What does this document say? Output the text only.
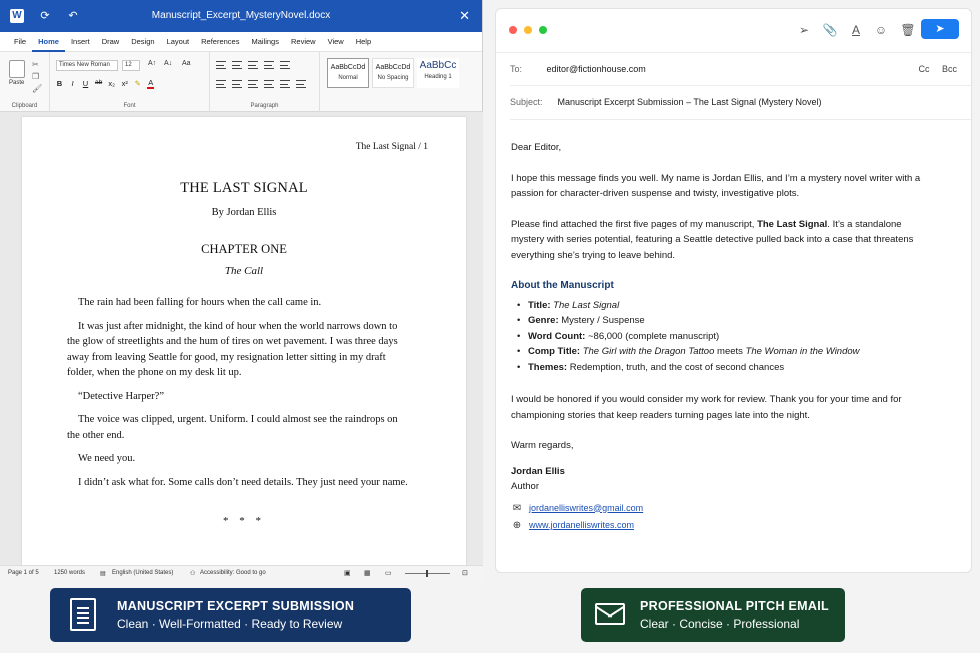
W ⟳ ↶	Manuscript_Excerpt_MysteryNovel.docx	✕
File	Home	Insert	Draw	Design	Layout	References	Mailings	Review	View	Help
Paste
✂
❐
🖌
Clipboard
Times New Roman	12	A↑ A↓ Aa
B	I	U ab x₂ x² ✎ A
Font	Paragraph
AaBbCcDd
Normal
AaBbCcDd
No Spacing
AaBbCc
Heading 1
The Last Signal / 1
THE LAST SIGNAL
By Jordan Ellis
CHAPTER ONE
The Call

The rain had been falling for hours when the call came in.

It was just after midnight, the kind of hour when the world narrows down to the glow of streetlights and the hum of tires on wet pavement. I was three days away from leaving Seattle for good, my resignation letter sitting in my draft folder, when the phone on my desk lit up.

“Detective Harper?”

The voice was clipped, urgent. Uniform. I could almost see the raindrops on the other end.

We need you.

I didn’t ask what for. Some calls don’t need details. They just need your name.

* * *
Page 1 of 5	1250 words ▤ English (United States)	⚇ Accessibility: Good to go	▣ ▦ ▭	⊡
➢ 📎	A	☺ 🗑	➤
To:	editor@fictionhouse.com	Cc Bcc
Subject: Manuscript Excerpt Submission – The Last Signal (Mystery Novel)
Dear Editor,
I hope this message finds you well. My name is Jordan Ellis, and I’m a mystery novel writer with a passion for character-driven suspense and twisty, investigative plots.
Please find attached the first five pages of my manuscript, The Last Signal. It’s a standalone mystery with series potential, featuring a Seattle detective pulled back into a case that threatens everything she’s trying to leave behind.
About the Manuscript
• Title: The Last Signal
• Genre: Mystery / Suspense
• Word Count: ~86,000 (complete manuscript)
• Comp Title: The Girl with the Dragon Tattoo meets The Woman in the Window
• Themes: Redemption, truth, and the cost of second chances
I would be honored if you would consider my work for review. Thank you for your time and for championing stories that keep readers turning pages late into the night.
Warm regards,
Jordan Ellis
Author
✉ jordanelliswrites@gmail.com
⊕ www.jordanelliswrites.com
MANUSCRIPT EXCERPT SUBMISSION
Clean · Well-Formatted · Ready to Review
PROFESSIONAL PITCH EMAIL
Clear · Concise · Professional
